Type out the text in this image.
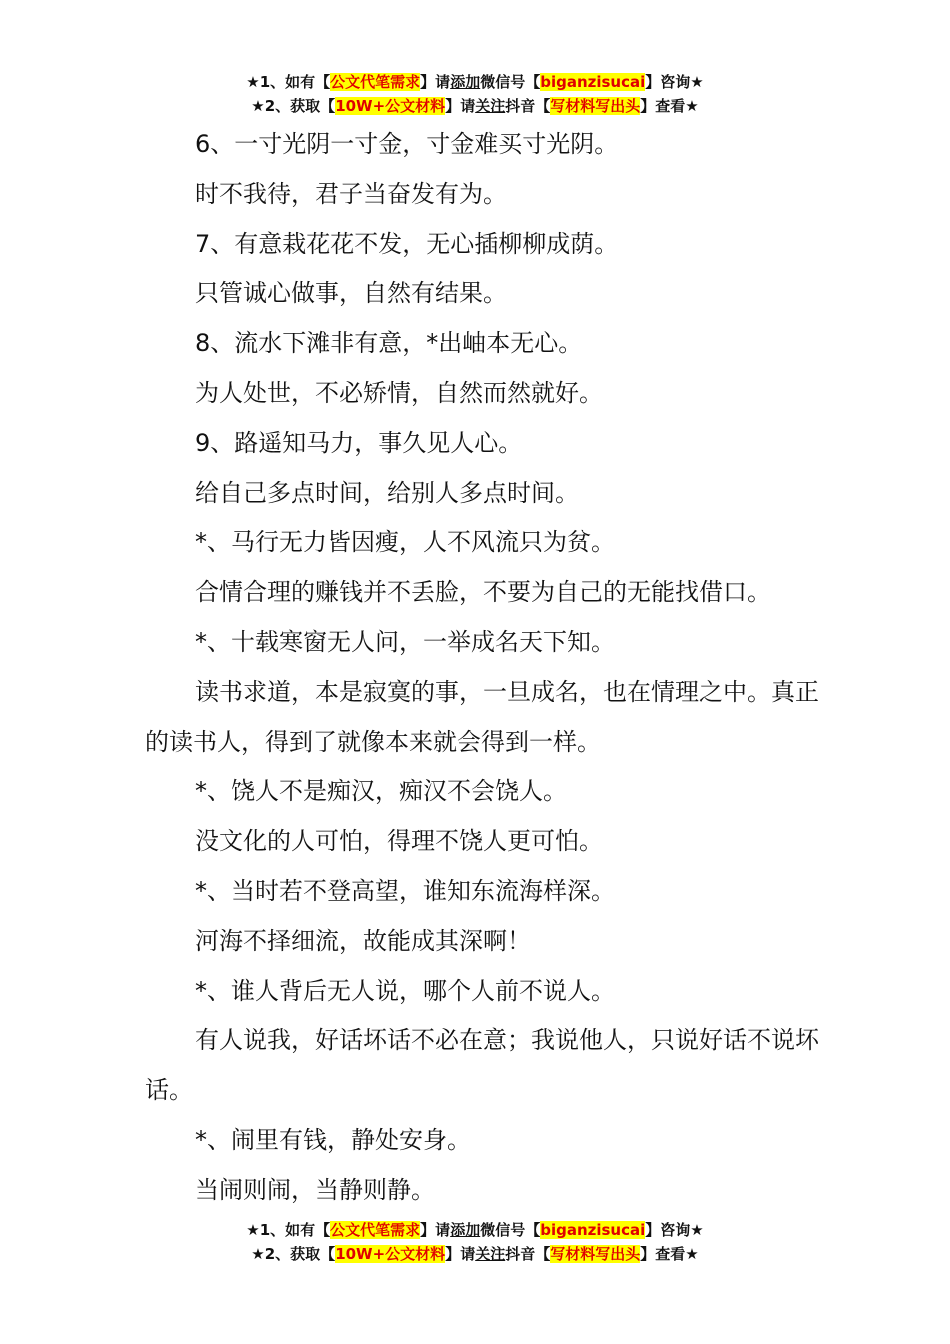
★1、如有【公文代笔需求】请添加微信号【biganzisucai】咨询★
★2、获取【10W+公文材料】请关注抖音【写材料写出头】查看★

6、一寸光阴一寸金，寸金难买寸光阴。

时不我待，君子当奋发有为。

7、有意栽花花不发，无心插柳柳成荫。

只管诚心做事，自然有结果。

8、流水下滩非有意，*出岫本无心。

为人处世，不必矫情，自然而然就好。

9、路遥知马力，事久见人心。

给自己多点时间，给别人多点时间。

*、马行无力皆因瘦，人不风流只为贫。

合情合理的赚钱并不丢脸，不要为自己的无能找借口。

*、十载寒窗无人问，一举成名天下知。

读书求道，本是寂寞的事，一旦成名，也在情理之中。真正的读书人，得到了就像本来就会得到一样。

*、饶人不是痴汉，痴汉不会饶人。

没文化的人可怕，得理不饶人更可怕。

*、当时若不登高望，谁知东流海样深。

河海不择细流，故能成其深啊！

*、谁人背后无人说，哪个人前不说人。

有人说我，好话坏话不必在意；我说他人，只说好话不说坏话。

*、闹里有钱，静处安身。

当闹则闹，当静则静。

★1、如有【公文代笔需求】请添加微信号【biganzisucai】咨询★
★2、获取【10W+公文材料】请关注抖音【写材料写出头】查看★
